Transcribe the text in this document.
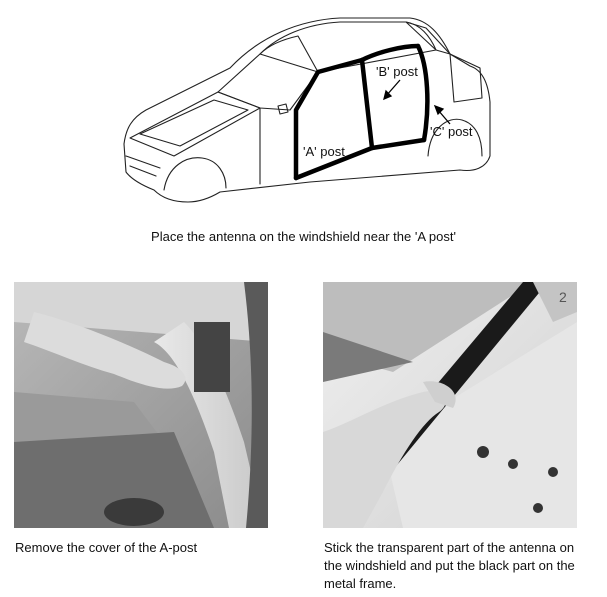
'A' post
'B' post
'C' post
Place the antenna on the windshield near the 'A post'
2
Remove the cover of the A-post	Stick the transparent part of the antenna on the windshield and put the black part on the metal frame.
